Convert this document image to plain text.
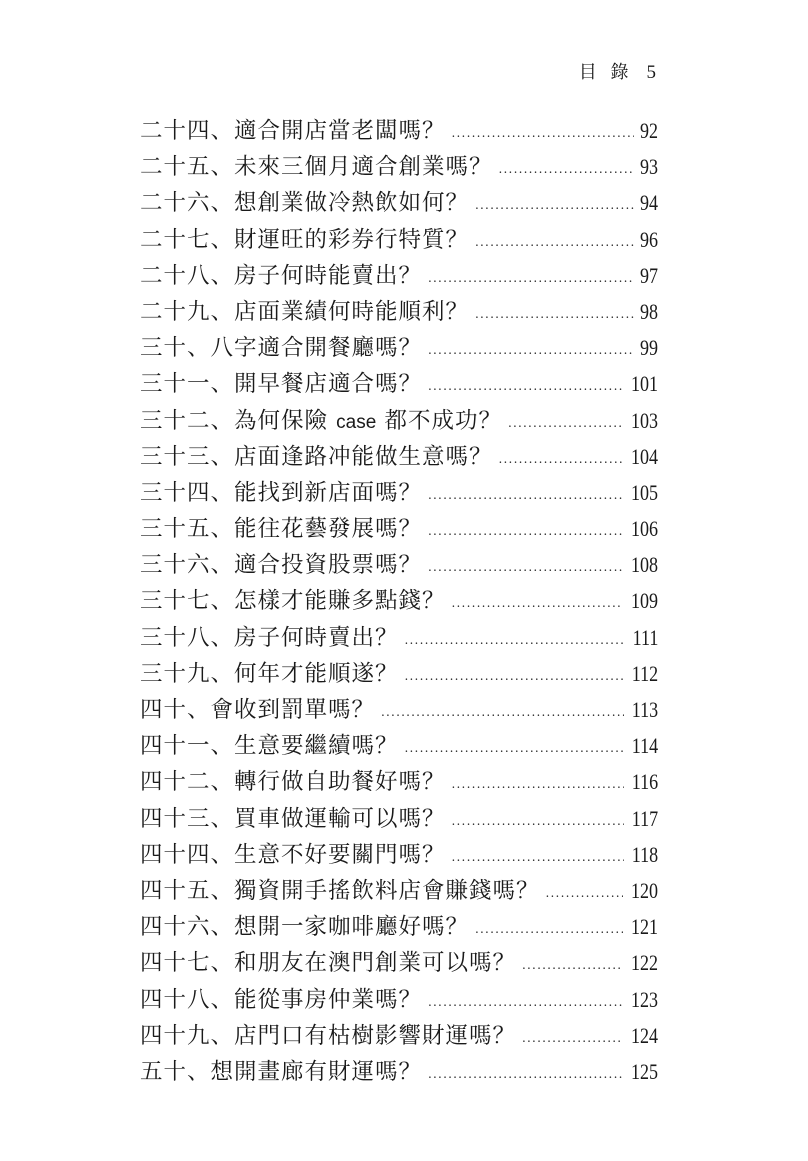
目 錄 5
二十四、 適合開店當老闆嗎？ .....	92
二十五、 未來三個月適合創業嗎？ .....	93
二十六、 想創業做冷熱飲如何？ .....	94
二十七、 財運旺的彩券行特質？ .....	96
二十八、 房子何時能賣出？ .....	97
二十九、 店面業績何時能順利？ .....	98
三十、 八字適合開餐廳嗎？ .....	99
三十一、 開早餐店適合嗎？ .....	101
三十二、 為何保險 case 都不成功？ .....	103
三十三、 店面逢路冲能做生意嗎？ .....	104
三十四、 能找到新店面嗎？ .....	105
三十五、 能往花藝發展嗎？ .....	106
三十六、 適合投資股票嗎？ .....	108
三十七、 怎樣才能賺多點錢？ .....	109
三十八、 房子何時賣出？ .....	111
三十九、 何年才能順遂？ .....	112
四十、 會收到罰單嗎？ .....	113
四十一、 生意要繼續嗎？ .....	114
四十二、 轉行做自助餐好嗎？ .....	116
四十三、 買車做運輸可以嗎？ .....	117
四十四、 生意不好要關門嗎？ .....	118
四十五、 獨資開手搖飲料店會賺錢嗎？ .....	120
四十六、 想開一家咖啡廳好嗎？ .....	121
四十七、 和朋友在澳門創業可以嗎？ .....	122
四十八、 能從事房仲業嗎？ .....	123
四十九、 店門口有枯樹影響財運嗎？ .....	124
五十、 想開畫廊有財運嗎？ .....	125
